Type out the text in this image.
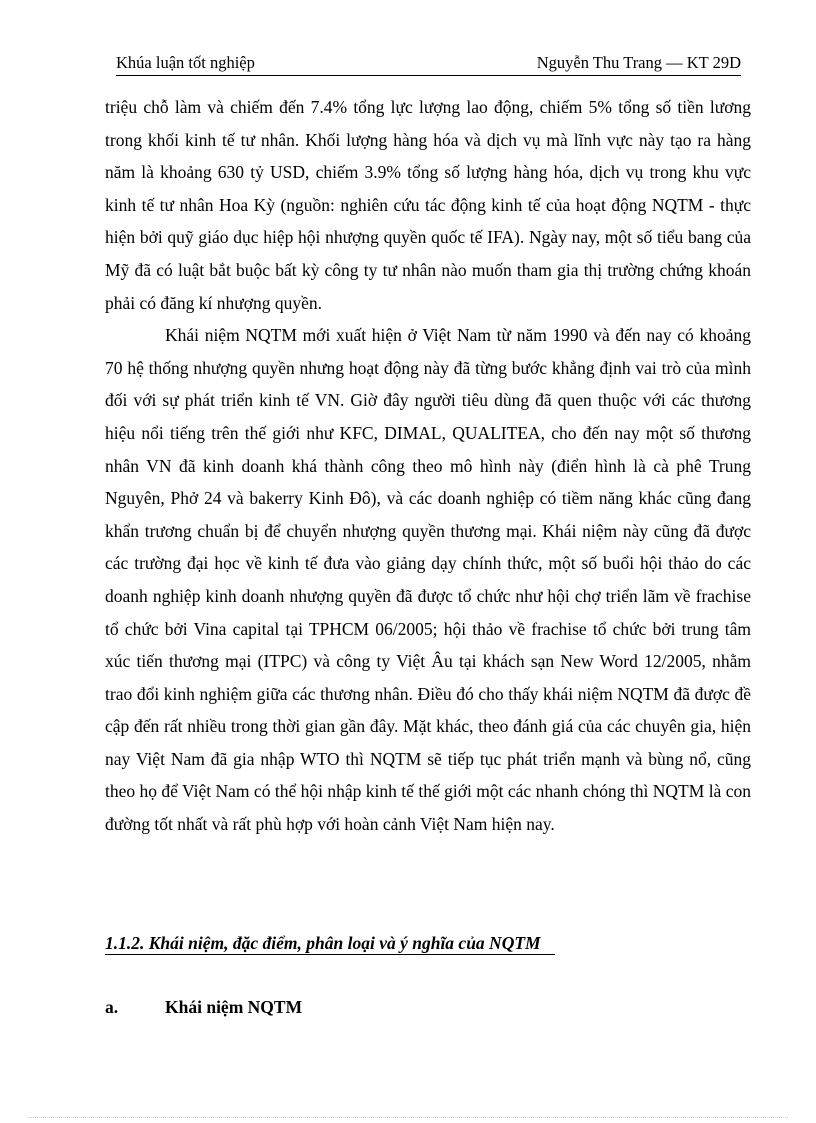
Khúa luận tốt nghiệp	Nguyễn Thu Trang — KT 29D

triệu chỗ làm và chiếm đến 7.4% tổng lực lượng lao động, chiếm 5% tổng số tiền lương trong khối kinh tế tư nhân. Khối lượng hàng hóa và dịch vụ mà lĩnh vực này tạo ra hàng năm là khoảng 630 tỷ USD, chiếm 3.9% tổng số lượng hàng hóa, dịch vụ trong khu vực kinh tế tư nhân Hoa Kỳ (nguồn: nghiên cứu tác động kinh tế của hoạt động NQTM - thực hiện bởi quỹ giáo dục hiệp hội nhượng quyền quốc tế IFA). Ngày nay, một số tiểu bang của Mỹ đã có luật bắt buộc bất kỳ công ty tư nhân nào muốn tham gia thị trường chứng khoán phải có đăng kí nhượng quyền.

Khái niệm NQTM mới xuất hiện ở Việt Nam từ năm 1990 và đến nay có khoảng 70 hệ thống nhượng quyền nhưng hoạt động này đã từng bước khẳng định vai trò của mình đối với sự phát triển kinh tế VN. Giờ đây người tiêu dùng đã quen thuộc với các thương hiệu nổi tiếng trên thế giới như KFC, DIMAL, QUALITEA, cho đến nay một số thương nhân VN đã kinh doanh khá thành công theo mô hình này (điển hình là cà phê Trung Nguyên, Phở 24 và bakerry Kinh Đô), và các doanh nghiệp có tiềm năng khác cũng đang khẩn trương chuẩn bị để chuyển nhượng quyền thương mại. Khái niệm này cũng đã được các trường đại học về kinh tế đưa vào giảng dạy chính thức, một số buổi hội thảo do các doanh nghiệp kinh doanh nhượng quyền đã được tổ chức như hội chợ triển lãm về frachise tổ chức bởi Vina capital tại TPHCM 06/2005; hội thảo về frachise tổ chức bởi trung tâm xúc tiến thương mại (ITPC) và công ty Việt Âu tại khách sạn New Word 12/2005, nhằm trao đổi kinh nghiệm giữa các thương nhân. Điều đó cho thấy khái niệm NQTM đã được đề cập đến rất nhiều trong thời gian gần đây. Mặt khác, theo đánh giá của các chuyên gia, hiện nay Việt Nam đã gia nhập WTO thì NQTM sẽ tiếp tục phát triển mạnh và bùng nổ, cũng theo họ để Việt Nam có thể hội nhập kinh tế thế giới một các nhanh chóng thì NQTM là con đường tốt nhất và rất phù hợp với hoàn cảnh Việt Nam hiện nay.

1.1.2. Khái niệm, đặc điểm, phân loại và ý nghĩa của NQTM
a.	Khái niệm NQTM
